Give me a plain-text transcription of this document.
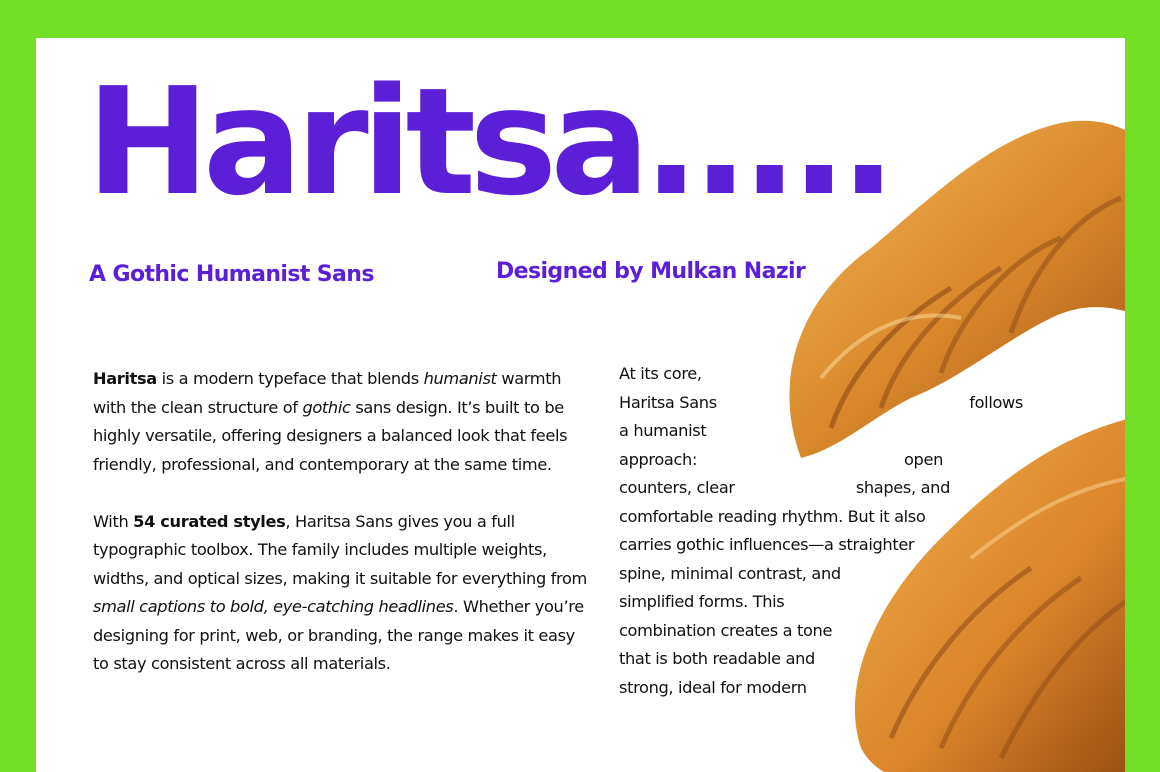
Haritsa.....
A Gothic Humanist Sans	Designed by Mulkan Nazir

Haritsa is a modern typeface that blends humanist warmth with the clean structure of gothic sans design. It’s built to be highly versatile, offering designers a balanced look that feels friendly, professional, and contemporary at the same time.

With 54 curated styles, Haritsa Sans gives you a full typographic toolbox. The family includes multiple weights, widths, and optical sizes, making it suitable for everything from small captions to bold, eye-catching headlines. Whether you’re designing for print, web, or branding, the range makes it easy to stay consistent across all materials.

At its core,
Haritsa Sans	follows
a humanist
approach:	open
counters, clear	shapes, and
comfortable reading rhythm. But it also
carries gothic influences—a straighter
spine, minimal contrast, and
simplified forms. This
combination creates a tone
that is both readable and
strong, ideal for modern
